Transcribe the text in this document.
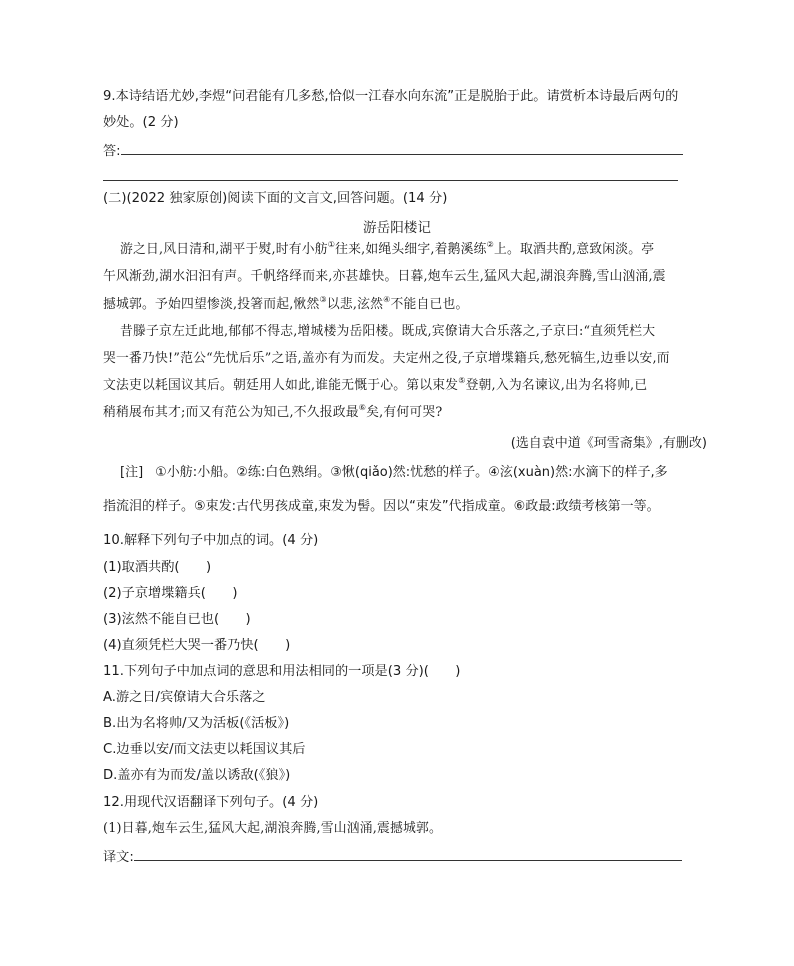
9.本诗结语尤妙,李煜“问君能有几多愁,恰似一江春水向东流”正是脱胎于此。请赏析本诗最后两句的
妙处。(2 分)
答:
(二)(2022 独家原创)阅读下面的文言文,回答问题。(14 分)
游岳阳楼记
游之日,风日清和,湖平于熨,时有小舫①往来,如绳头细字,着鹅溪练②上。取酒共酌,意致闲淡。亭
午风渐劲,湖水汩汩有声。千帆络绎而来,亦甚雄快。日暮,炮车云生,猛风大起,湖浪奔腾,雪山汹涌,震
撼城郭。予始四望惨淡,投箸而起,愀然③以悲,泫然④不能自已也。
昔滕子京左迁此地,郁郁不得志,增城楼为岳阳楼。既成,宾僚请大合乐落之,子京曰:“直须凭栏大
哭一番乃快!”范公“先忧后乐”之语,盖亦有为而发。夫定州之役,子京增堞籍兵,愁死犒生,边垂以安,而
文法吏以耗国议其后。朝廷用人如此,谁能无慨于心。第以束发⑤登朝,入为名谏议,出为名将帅,已
稍稍展布其才;而又有范公为知己,不久报政最⑥矣,有何可哭?
(选自袁中道《珂雪斋集》,有删改)
[注] ①小舫:小船。②练:白色熟绢。③愀(qiǎo)然:忧愁的样子。④泫(xuàn)然:水滴下的样子,多
指流泪的样子。⑤束发:古代男孩成童,束发为髻。因以“束发”代指成童。⑥政最:政绩考核第一等。
10.解释下列句子中加点的词。(4 分)
(1)取酒共酌(　　)
(2)子京增堞籍兵(　　)
(3)泫然不能自已也(　　)
(4)直须凭栏大哭一番乃快(　　)
11.下列句子中加点词的意思和用法相同的一项是(3 分)(　　)
A.游之日/宾僚请大合乐落之
B.出为名将帅/又为活板(《活板》)
C.边垂以安/而文法吏以耗国议其后
D.盖亦有为而发/盖以诱敌(《狼》)
12.用现代汉语翻译下列句子。(4 分)
(1)日暮,炮车云生,猛风大起,湖浪奔腾,雪山汹涌,震撼城郭。
译文:
